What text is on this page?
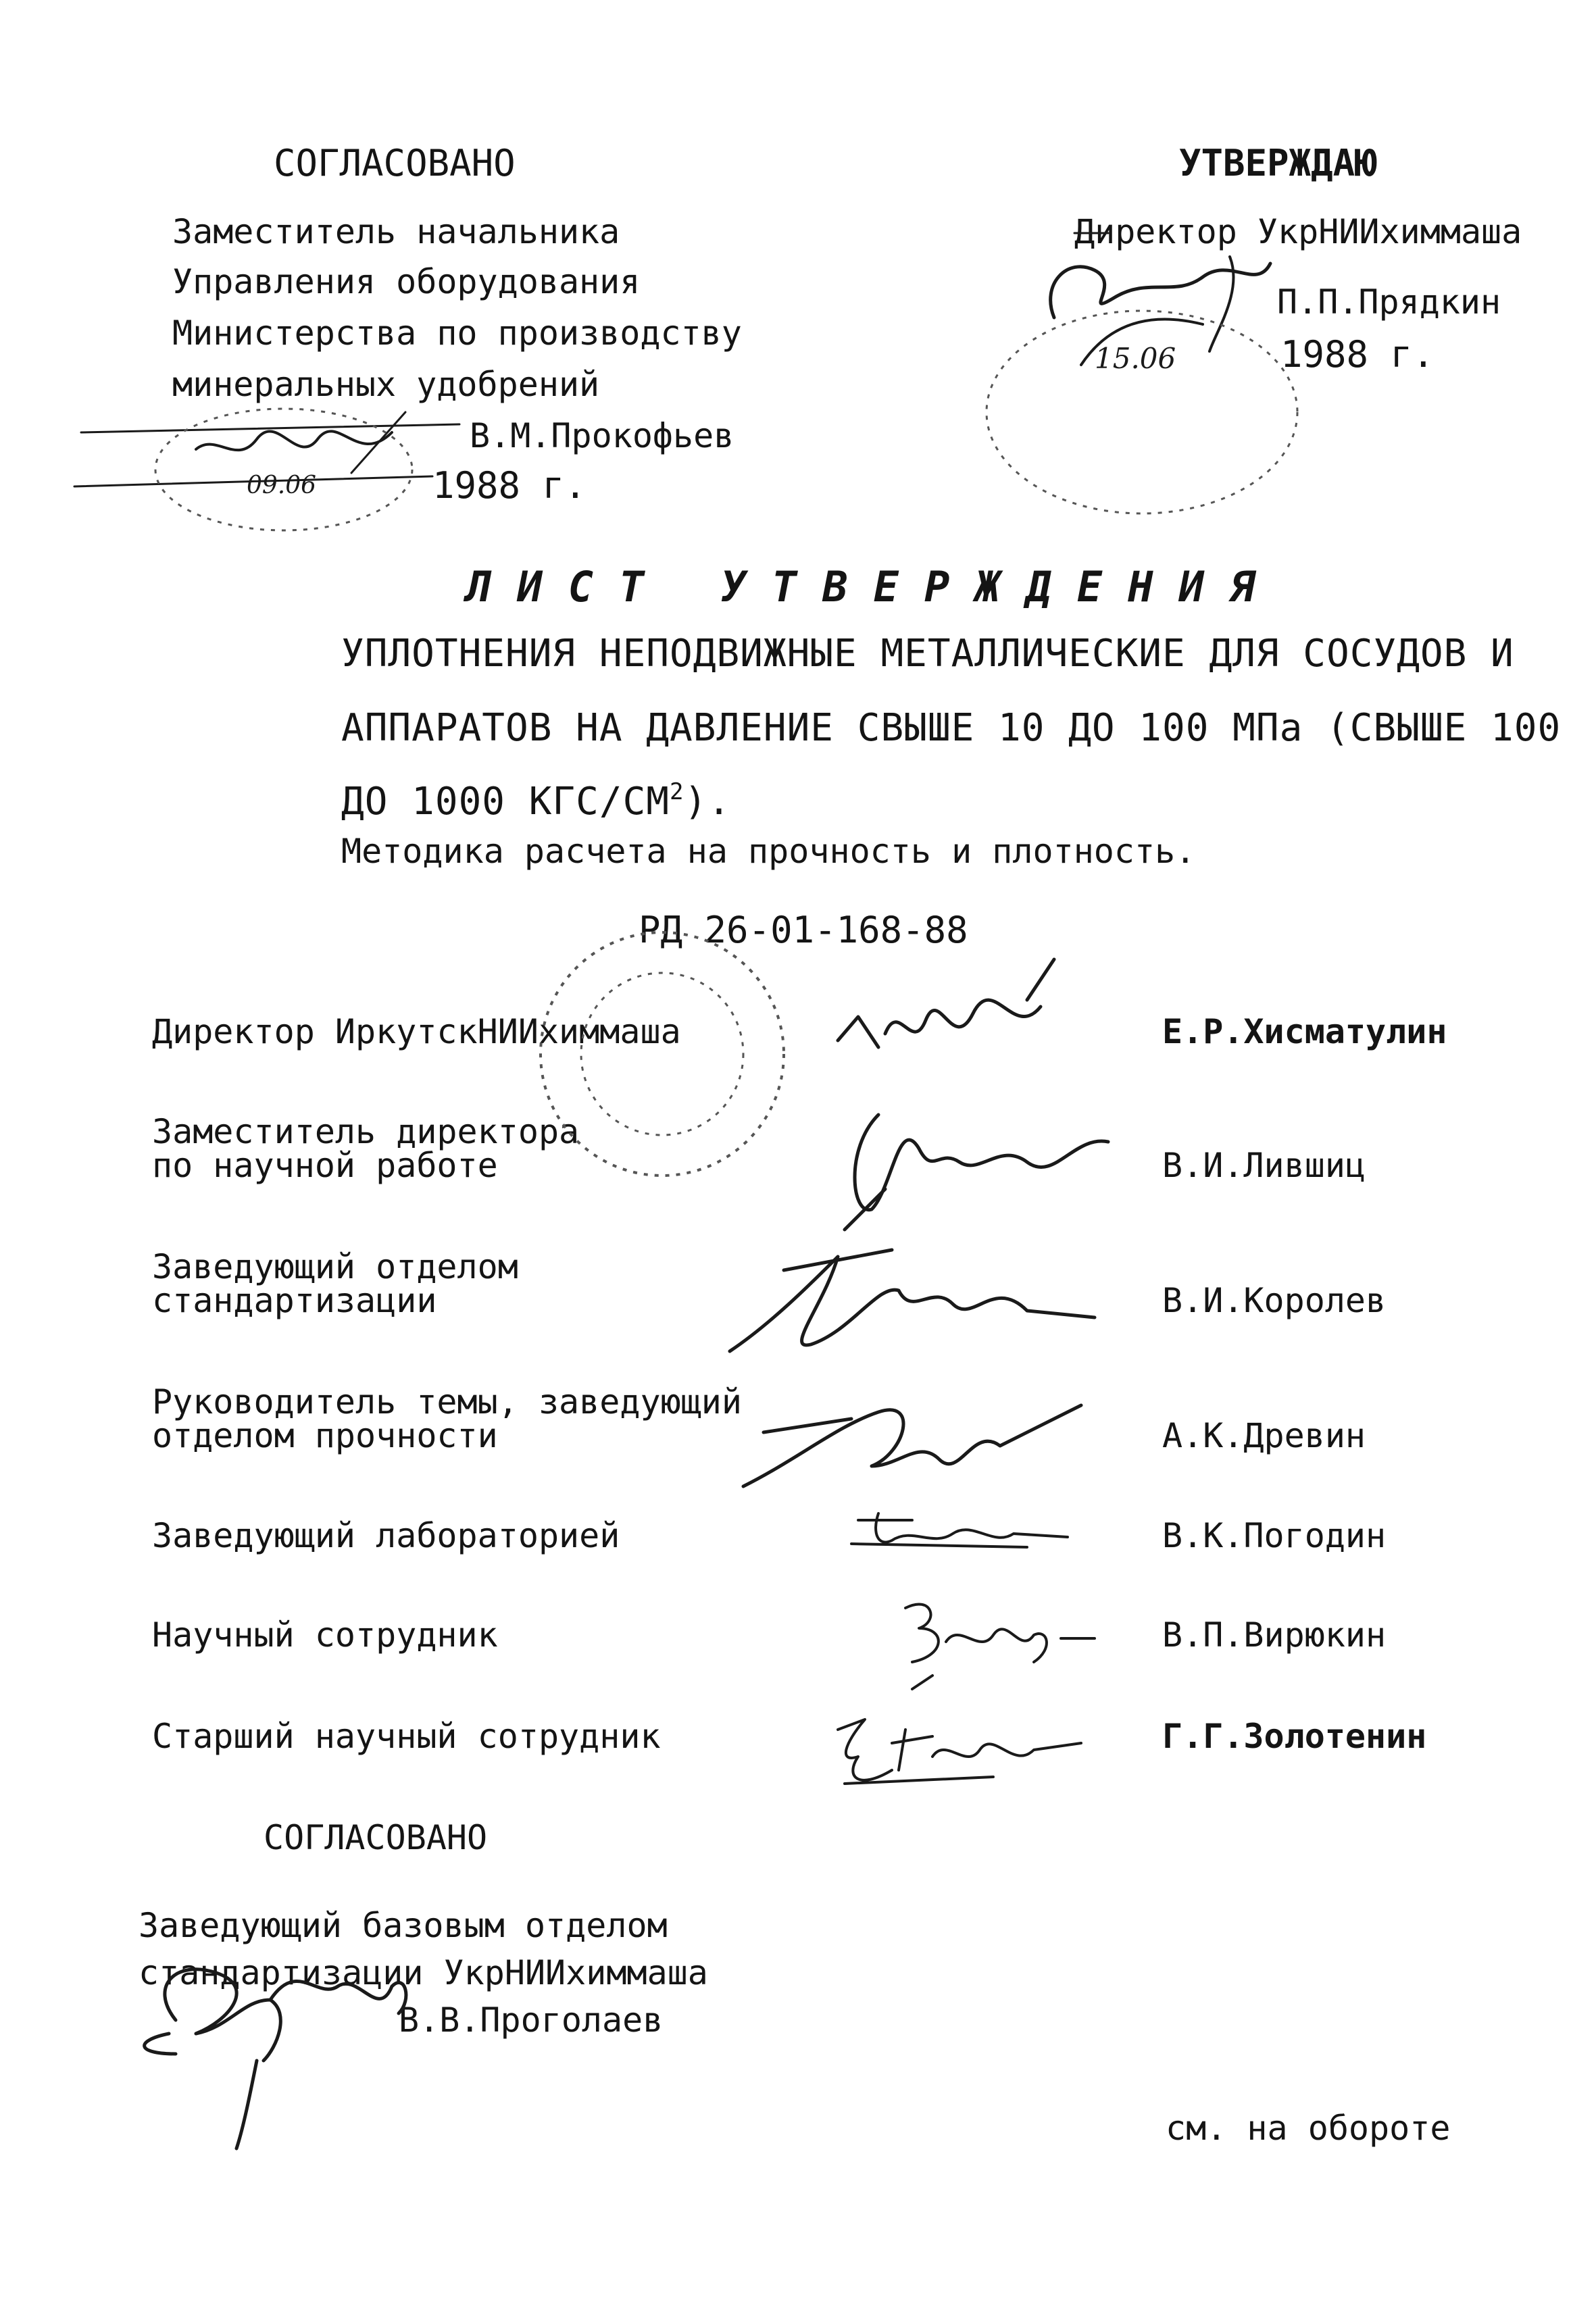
СОГЛАСОВАНО
Заместитель начальника
Управления оборудования
Министерства по производству
минеральных удобрений
В.М.Прокофьев
1988 г.
УТВЕРЖДАЮ
Директор УкрНИИхиммаша
П.П.Прядкин
1988 г.
ЛИСТ УТВЕРЖДЕНИЯ
УПЛОТНЕНИЯ НЕПОДВИЖНЫЕ МЕТАЛЛИЧЕСКИЕ ДЛЯ СОСУДОВ И
АППАРАТОВ НА ДАВЛЕНИЕ СВЫШЕ 10 ДО 100 МПа (СВЫШЕ 100
ДО 1000 КГС/$СМ^2$).
Методика расчета на прочность и плотность.
РД 26-01-168-88
Директор ИркутскНИИхиммаша	Е.Р.Хисматулин
Заместитель директора
по научной работе	В.И.Лившиц
Заведующий отделом
стандартизации	В.И.Королев
Руководитель темы, заведующий
отделом прочности	А.К.Древин
Заведующий лабораторией	В.К.Погодин
Научный сотрудник	В.П.Вирюкин
Старший научный сотрудник	Г.Г.Золотенин
СОГЛАСОВАНО
Заведующий базовым отделом
стандартизации УкрНИИхиммаша
В.В.Проголаев
см. на обороте
09.06
15.06
